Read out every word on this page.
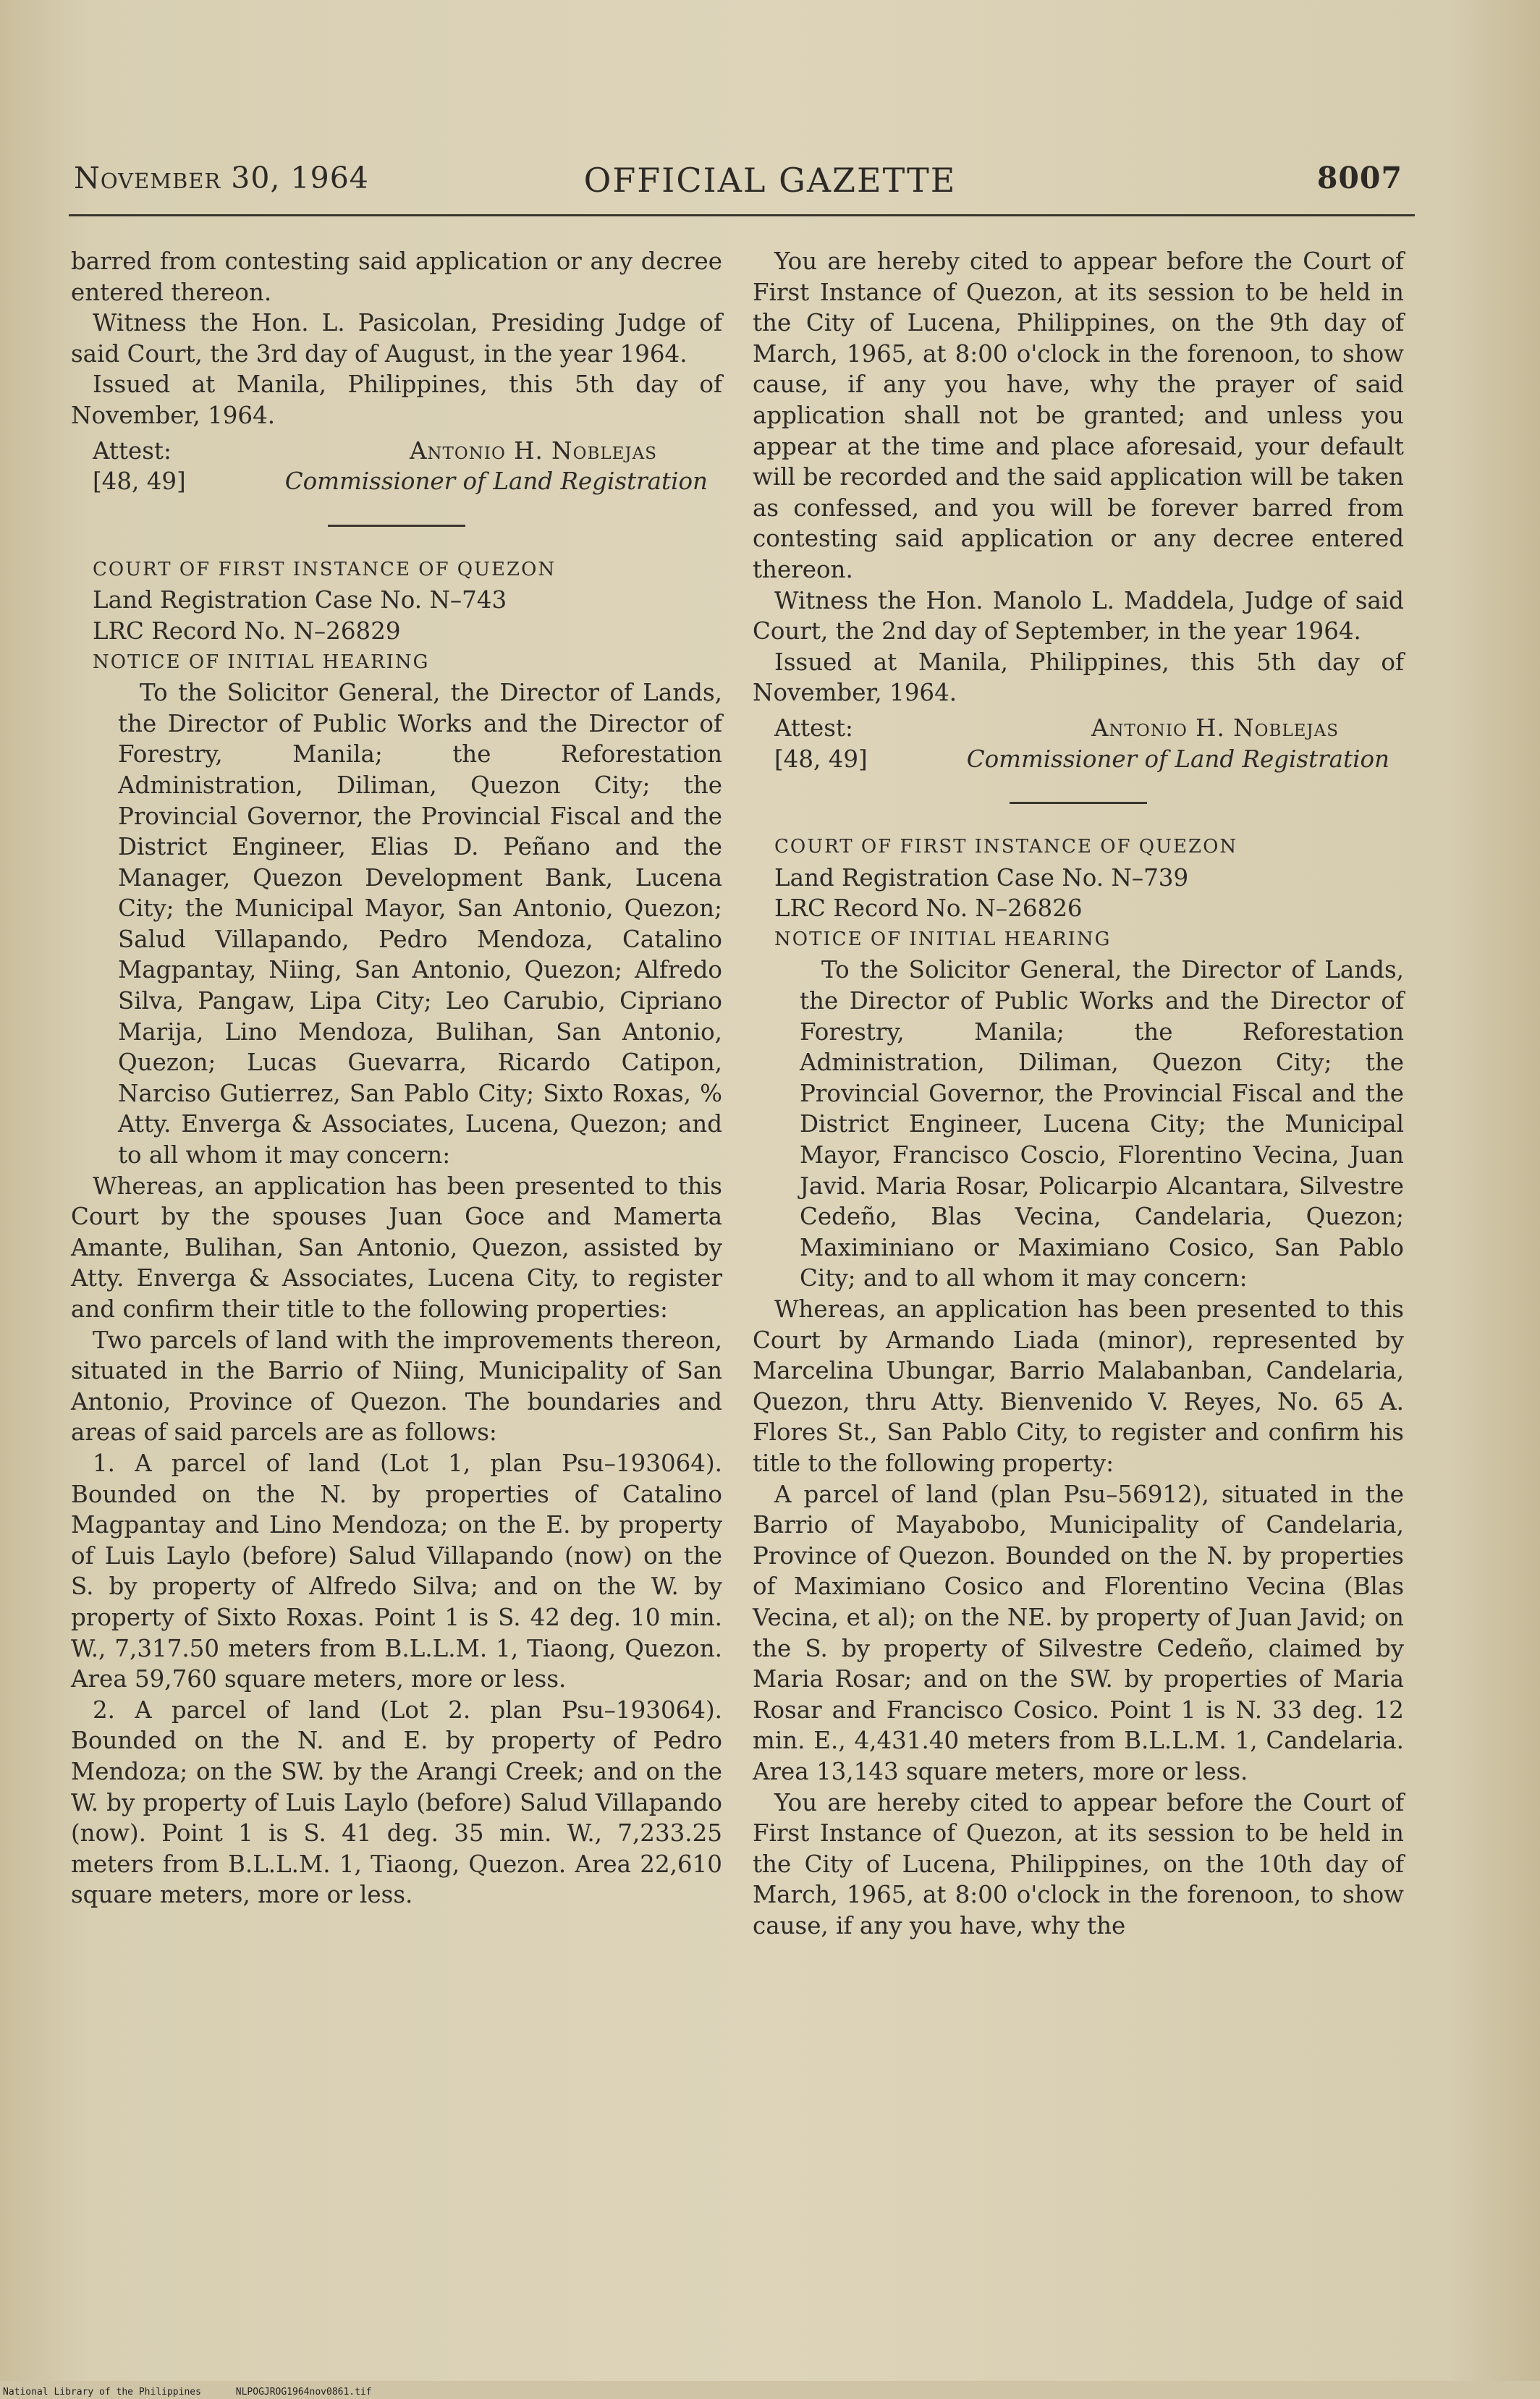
November 30, 1964	OFFICIAL GAZETTE	8007

barred from contesting said application or any decree entered thereon.

Witness the Hon. L. Pasicolan, Presiding Judge of said Court, the 3rd day of August, in the year 1964.

Issued at Manila, Philippines, this 5th day of November, 1964.

Attest:	Antonio H. Noblejas
[48, 49]	Commissioner of Land Registration

COURT OF FIRST INSTANCE OF QUEZON

Land Registration Case No. N–743

LRC Record No. N–26829

NOTICE OF INITIAL HEARING

To the Solicitor General, the Director of Lands, the Director of Public Works and the Director of Forestry, Manila; the Reforestation Administration, Diliman, Quezon City; the Provincial Governor, the Provincial Fiscal and the District Engineer, Elias D. Peñano and the Manager, Quezon Development Bank, Lucena City; the Municipal Mayor, San Antonio, Quezon; Salud Villapando, Pedro Mendoza, Catalino Magpantay, Niing, San Antonio, Quezon; Alfredo Silva, Pangaw, Lipa City; Leo Carubio, Cipriano Marija, Lino Mendoza, Bulihan, San Antonio, Quezon; Lucas Guevarra, Ricardo Catipon, Narciso Gutierrez, San Pablo City; Sixto Roxas, % Atty. Enverga & Associates, Lucena, Quezon; and to all whom it may concern:

Whereas, an application has been presented to this Court by the spouses Juan Goce and Mamerta Amante, Bulihan, San Antonio, Quezon, assisted by Atty. Enverga & Associates, Lucena City, to register and confirm their title to the following properties:

Two parcels of land with the improvements thereon, situated in the Barrio of Niing, Municipality of San Antonio, Province of Quezon. The boundaries and areas of said parcels are as follows:

1. A parcel of land (Lot 1, plan Psu–193064). Bounded on the N. by properties of Catalino Magpantay and Lino Mendoza; on the E. by property of Luis Laylo (before) Salud Villapando (now) on the S. by property of Alfredo Silva; and on the W. by property of Sixto Roxas. Point 1 is S. 42 deg. 10 min. W., 7,317.50 meters from B.L.L.M. 1, Tiaong, Quezon. Area 59,760 square meters, more or less.

2. A parcel of land (Lot 2. plan Psu–193064). Bounded on the N. and E. by property of Pedro Mendoza; on the SW. by the Arangi Creek; and on the W. by property of Luis Laylo (before) Salud Villapando (now). Point 1 is S. 41 deg. 35 min. W., 7,233.25 meters from B.L.L.M. 1, Tiaong, Quezon. Area 22,610 square meters, more or less.

You are hereby cited to appear before the Court of First Instance of Quezon, at its session to be held in the City of Lucena, Philippines, on the 9th day of March, 1965, at 8:00 o'clock in the forenoon, to show cause, if any you have, why the prayer of said application shall not be granted; and unless you appear at the time and place aforesaid, your default will be recorded and the said application will be taken as confessed, and you will be forever barred from contesting said application or any decree entered thereon.

Witness the Hon. Manolo L. Maddela, Judge of said Court, the 2nd day of September, in the year 1964.

Issued at Manila, Philippines, this 5th day of November, 1964.

Attest:	Antonio H. Noblejas
[48, 49]	Commissioner of Land Registration

COURT OF FIRST INSTANCE OF QUEZON

Land Registration Case No. N–739

LRC Record No. N–26826

NOTICE OF INITIAL HEARING

To the Solicitor General, the Director of Lands, the Director of Public Works and the Director of Forestry, Manila; the Reforestation Administration, Diliman, Quezon City; the Provincial Governor, the Provincial Fiscal and the District Engineer, Lucena City; the Municipal Mayor, Francisco Coscio, Florentino Vecina, Juan Javid. Maria Rosar, Policarpio Alcantara, Silvestre Cedeño, Blas Vecina, Candelaria, Quezon; Maximiniano or Maximiano Cosico, San Pablo City; and to all whom it may concern:

Whereas, an application has been presented to this Court by Armando Liada (minor), represented by Marcelina Ubungar, Barrio Malabanban, Candelaria, Quezon, thru Atty. Bienvenido V. Reyes, No. 65 A. Flores St., San Pablo City, to register and confirm his title to the following property:

A parcel of land (plan Psu–56912), situated in the Barrio of Mayabobo, Municipality of Candelaria, Province of Quezon. Bounded on the N. by properties of Maximiano Cosico and Florentino Vecina (Blas Vecina, et al); on the NE. by property of Juan Javid; on the S. by property of Silvestre Cedeño, claimed by Maria Rosar; and on the SW. by properties of Maria Rosar and Francisco Cosico. Point 1 is N. 33 deg. 12 min. E., 4,431.40 meters from B.L.L.M. 1, Candelaria. Area 13,143 square meters, more or less.

You are hereby cited to appear before the Court of First Instance of Quezon, at its session to be held in the City of Lucena, Philippines, on the 10th day of March, 1965, at 8:00 o'clock in the forenoon, to show cause, if any you have, why the

National Library of the Philippines	NLPOGJROG1964nov0861.tif
